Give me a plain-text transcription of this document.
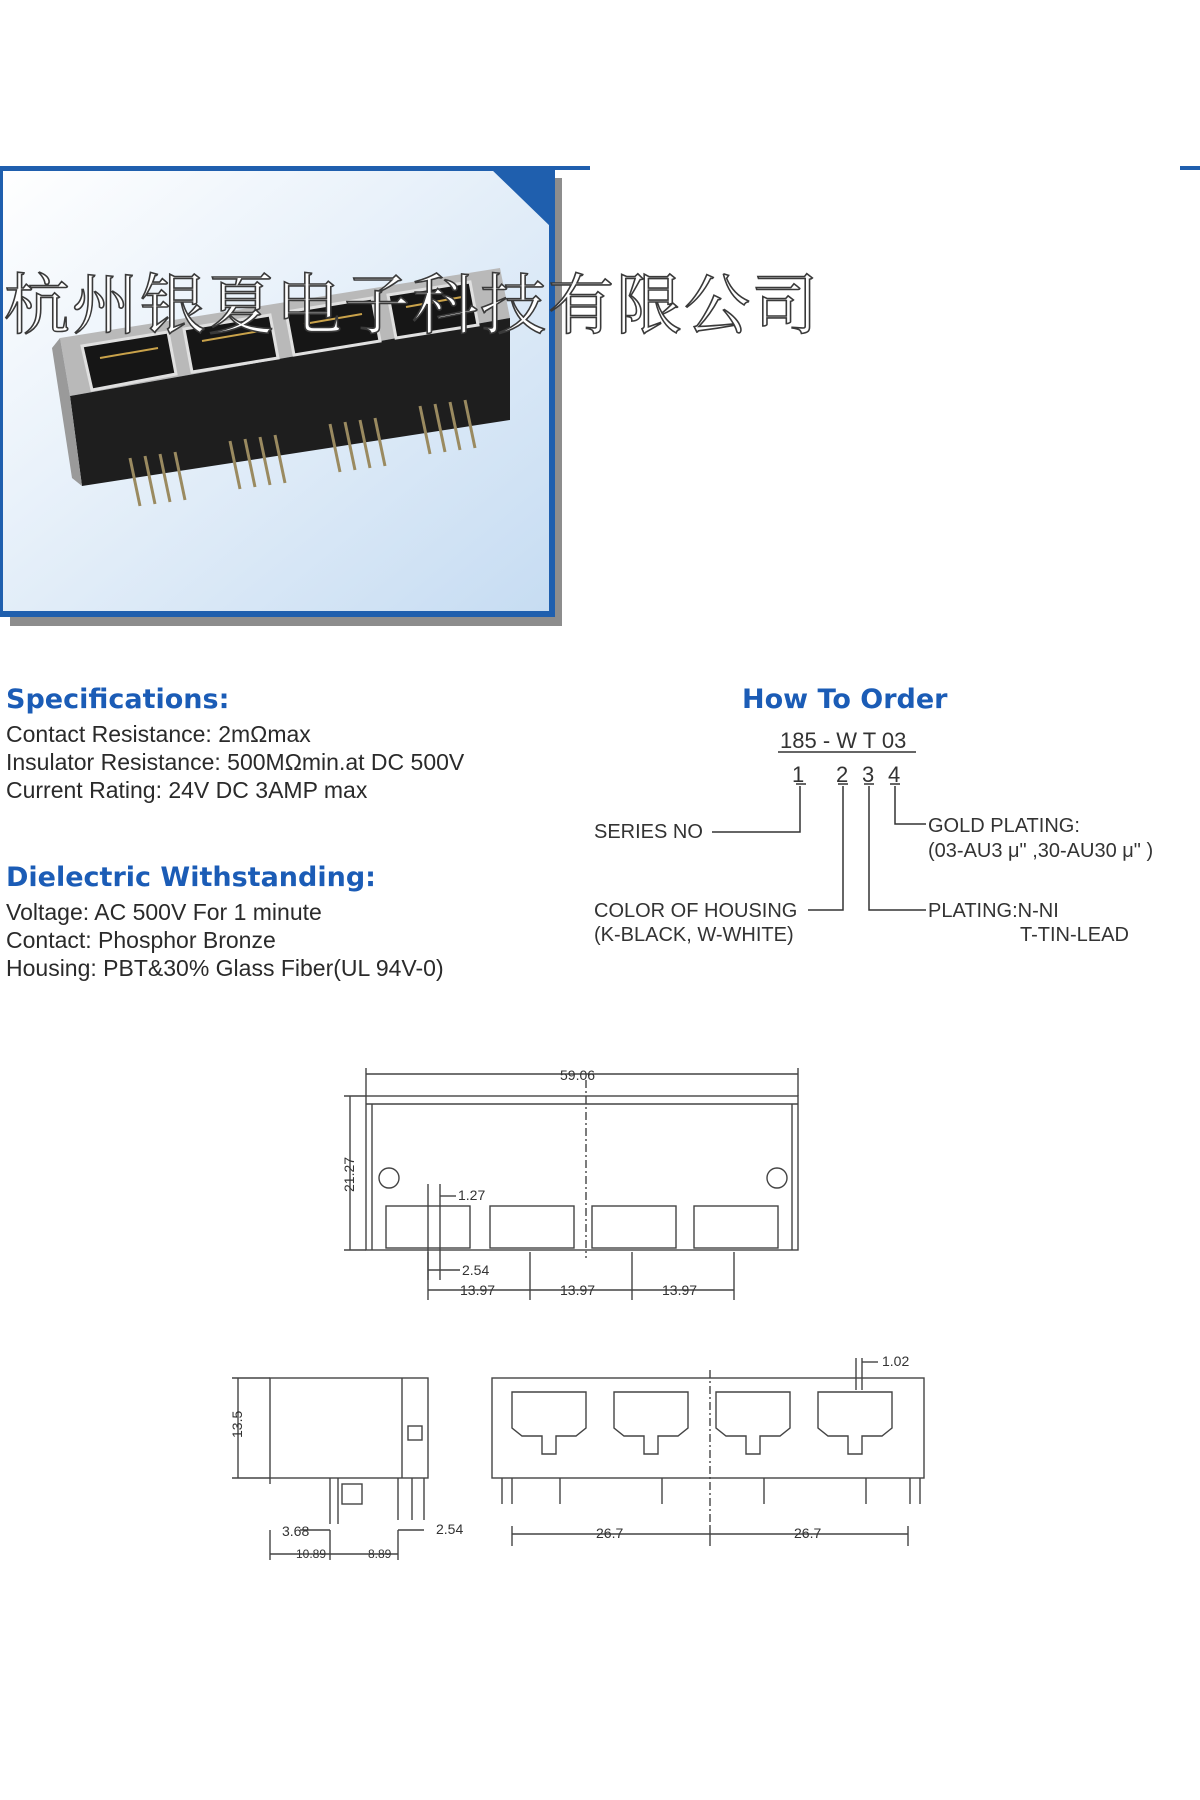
杭州银夏电子科技有限公司
Specifications:
Contact Resistance: 2mΩmax
Insulator Resistance: 500MΩmin.at DC 500V
Current Rating: 24V DC 3AMP max
Dielectric Withstanding:
Voltage: AC 500V For 1 minute
Contact: Phosphor Bronze
Housing: PBT&30% Glass Fiber(UL 94V-0)
How To Order
185 - W T 03
1 2 3 4
SERIES NO
COLOR OF HOUSING
(K-BLACK, W-WHITE)
GOLD PLATING:
(03-AU3 μ" ,30-AU30 μ" )
PLATING:N-NI
T-TIN-LEAD
59.06
21.27
1.27
2.54
13.97	13.97	13.97
13.5
3.68	2.54
10.89	8.89
1.02
26.7	26.7
